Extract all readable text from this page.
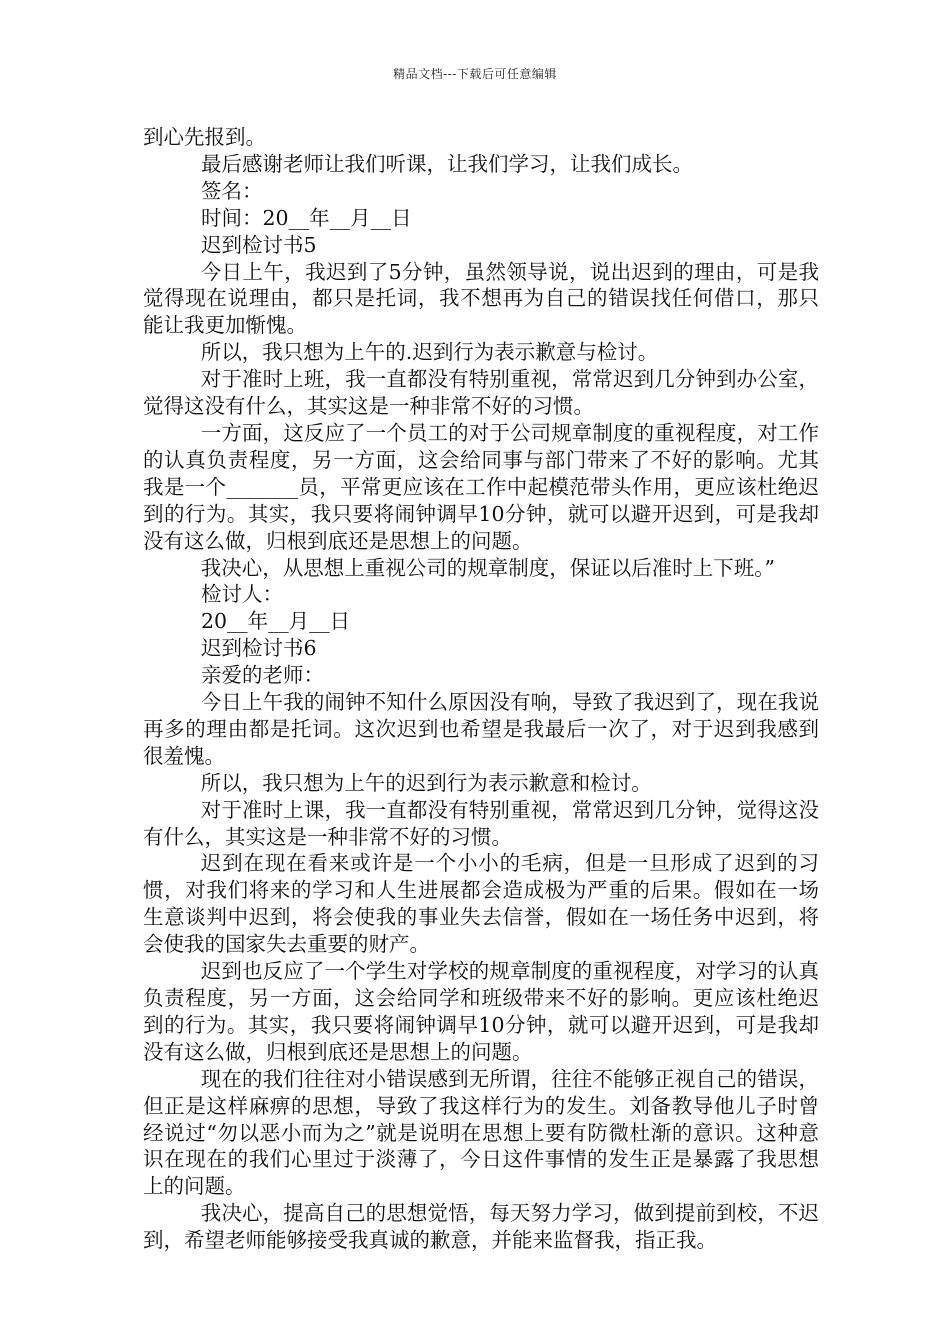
精品文档---下载后可任意编辑

到心先报到。

最后感谢老师让我们听课，让我们学习，让我们成长。

签名：

时间：20__年__月__日

迟到检讨书5

今日上午，我迟到了5分钟，虽然领导说，说出迟到的理由，可是我觉得现在说理由，都只是托词，我不想再为自己的错误找任何借口，那只能让我更加惭愧。

所以，我只想为上午的.迟到行为表示歉意与检讨。

对于准时上班，我一直都没有特别重视，常常迟到几分钟到办公室，觉得这没有什么，其实这是一种非常不好的习惯。

一方面，这反应了一个员工的对于公司规章制度的重视程度，对工作的认真负责程度，另一方面，这会给同事与部门带来了不好的影响。尤其我是一个_______员，平常更应该在工作中起模范带头作用，更应该杜绝迟到的行为。其实，我只要将闹钟调早10分钟，就可以避开迟到，可是我却没有这么做，归根到底还是思想上的问题。

我决心，从思想上重视公司的规章制度，保证以后准时上下班。”

检讨人：

20__年__月__日

迟到检讨书6

亲爱的老师：

今日上午我的闹钟不知什么原因没有响，导致了我迟到了，现在我说再多的理由都是托词。这次迟到也希望是我最后一次了，对于迟到我感到很羞愧。

所以，我只想为上午的迟到行为表示歉意和检讨。

对于准时上课，我一直都没有特别重视，常常迟到几分钟，觉得这没有什么，其实这是一种非常不好的习惯。

迟到在现在看来或许是一个小小的毛病，但是一旦形成了迟到的习惯，对我们将来的学习和人生进展都会造成极为严重的后果。假如在一场生意谈判中迟到，将会使我的事业失去信誉，假如在一场任务中迟到，将会使我的国家失去重要的财产。

迟到也反应了一个学生对学校的规章制度的重视程度，对学习的认真负责程度，另一方面，这会给同学和班级带来不好的影响。更应该杜绝迟到的行为。其实，我只要将闹钟调早10分钟，就可以避开迟到，可是我却没有这么做，归根到底还是思想上的问题。

现在的我们往往对小错误感到无所谓，往往不能够正视自己的错误，但正是这样麻痹的思想，导致了我这样行为的发生。刘备教导他儿子时曾经说过“勿以恶小而为之”就是说明在思想上要有防微杜渐的意识。这种意识在现在的我们心里过于淡薄了，今日这件事情的发生正是暴露了我思想上的问题。

我决心，提高自己的思想觉悟，每天努力学习，做到提前到校，不迟到，希望老师能够接受我真诚的歉意，并能来监督我，指正我。
